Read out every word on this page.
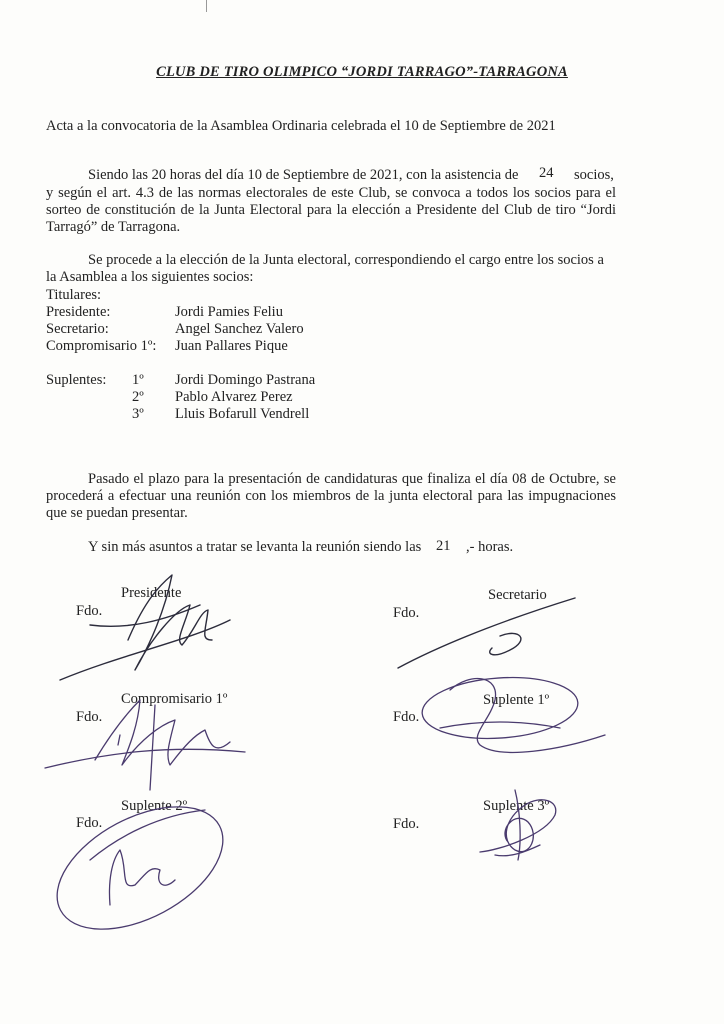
CLUB DE TIRO OLIMPICO “JORDI TARRAGO”-TARRAGONA
Acta a la convocatoria de la Asamblea Ordinaria celebrada el 10 de Septiembre de 2021
Siendo las 20 horas del día 10 de Septiembre de 2021, con la asistencia de 24 socios,
y según el art. 4.3 de las normas electorales de este Club, se convoca a todos los socios para el sorteo de constitución de la Junta Electoral para la elección a Presidente del Club de tiro “Jordi Tarragó” de Tarragona.
Se procede a la elección de la Junta electoral, correspondiendo el cargo entre los socios a
la Asamblea a los siguientes socios:
Titulares:
Presidente:	Jordi Pamies Feliu
Secretario:	Angel Sanchez Valero
Compromisario 1º: Juan Pallares Pique
Suplentes: 1º Jordi Domingo Pastrana
2º Pablo Alvarez Perez
3º Lluis Bofarull Vendrell
Pasado el plazo para la presentación de candidaturas que finaliza el día 08 de Octubre, se procederá a efectuar una reunión con los miembros de la junta electoral para las impugnaciones que se puedan presentar.
Y sin más asuntos a tratar se levanta la reunión siendo las 21 ,- horas.
Presidente
Fdo.
Secretario
Fdo.
Compromisario 1º
Fdo.
Suplente 1º
Fdo.
Suplente 2º
Fdo.
Suplente 3º
Fdo.
